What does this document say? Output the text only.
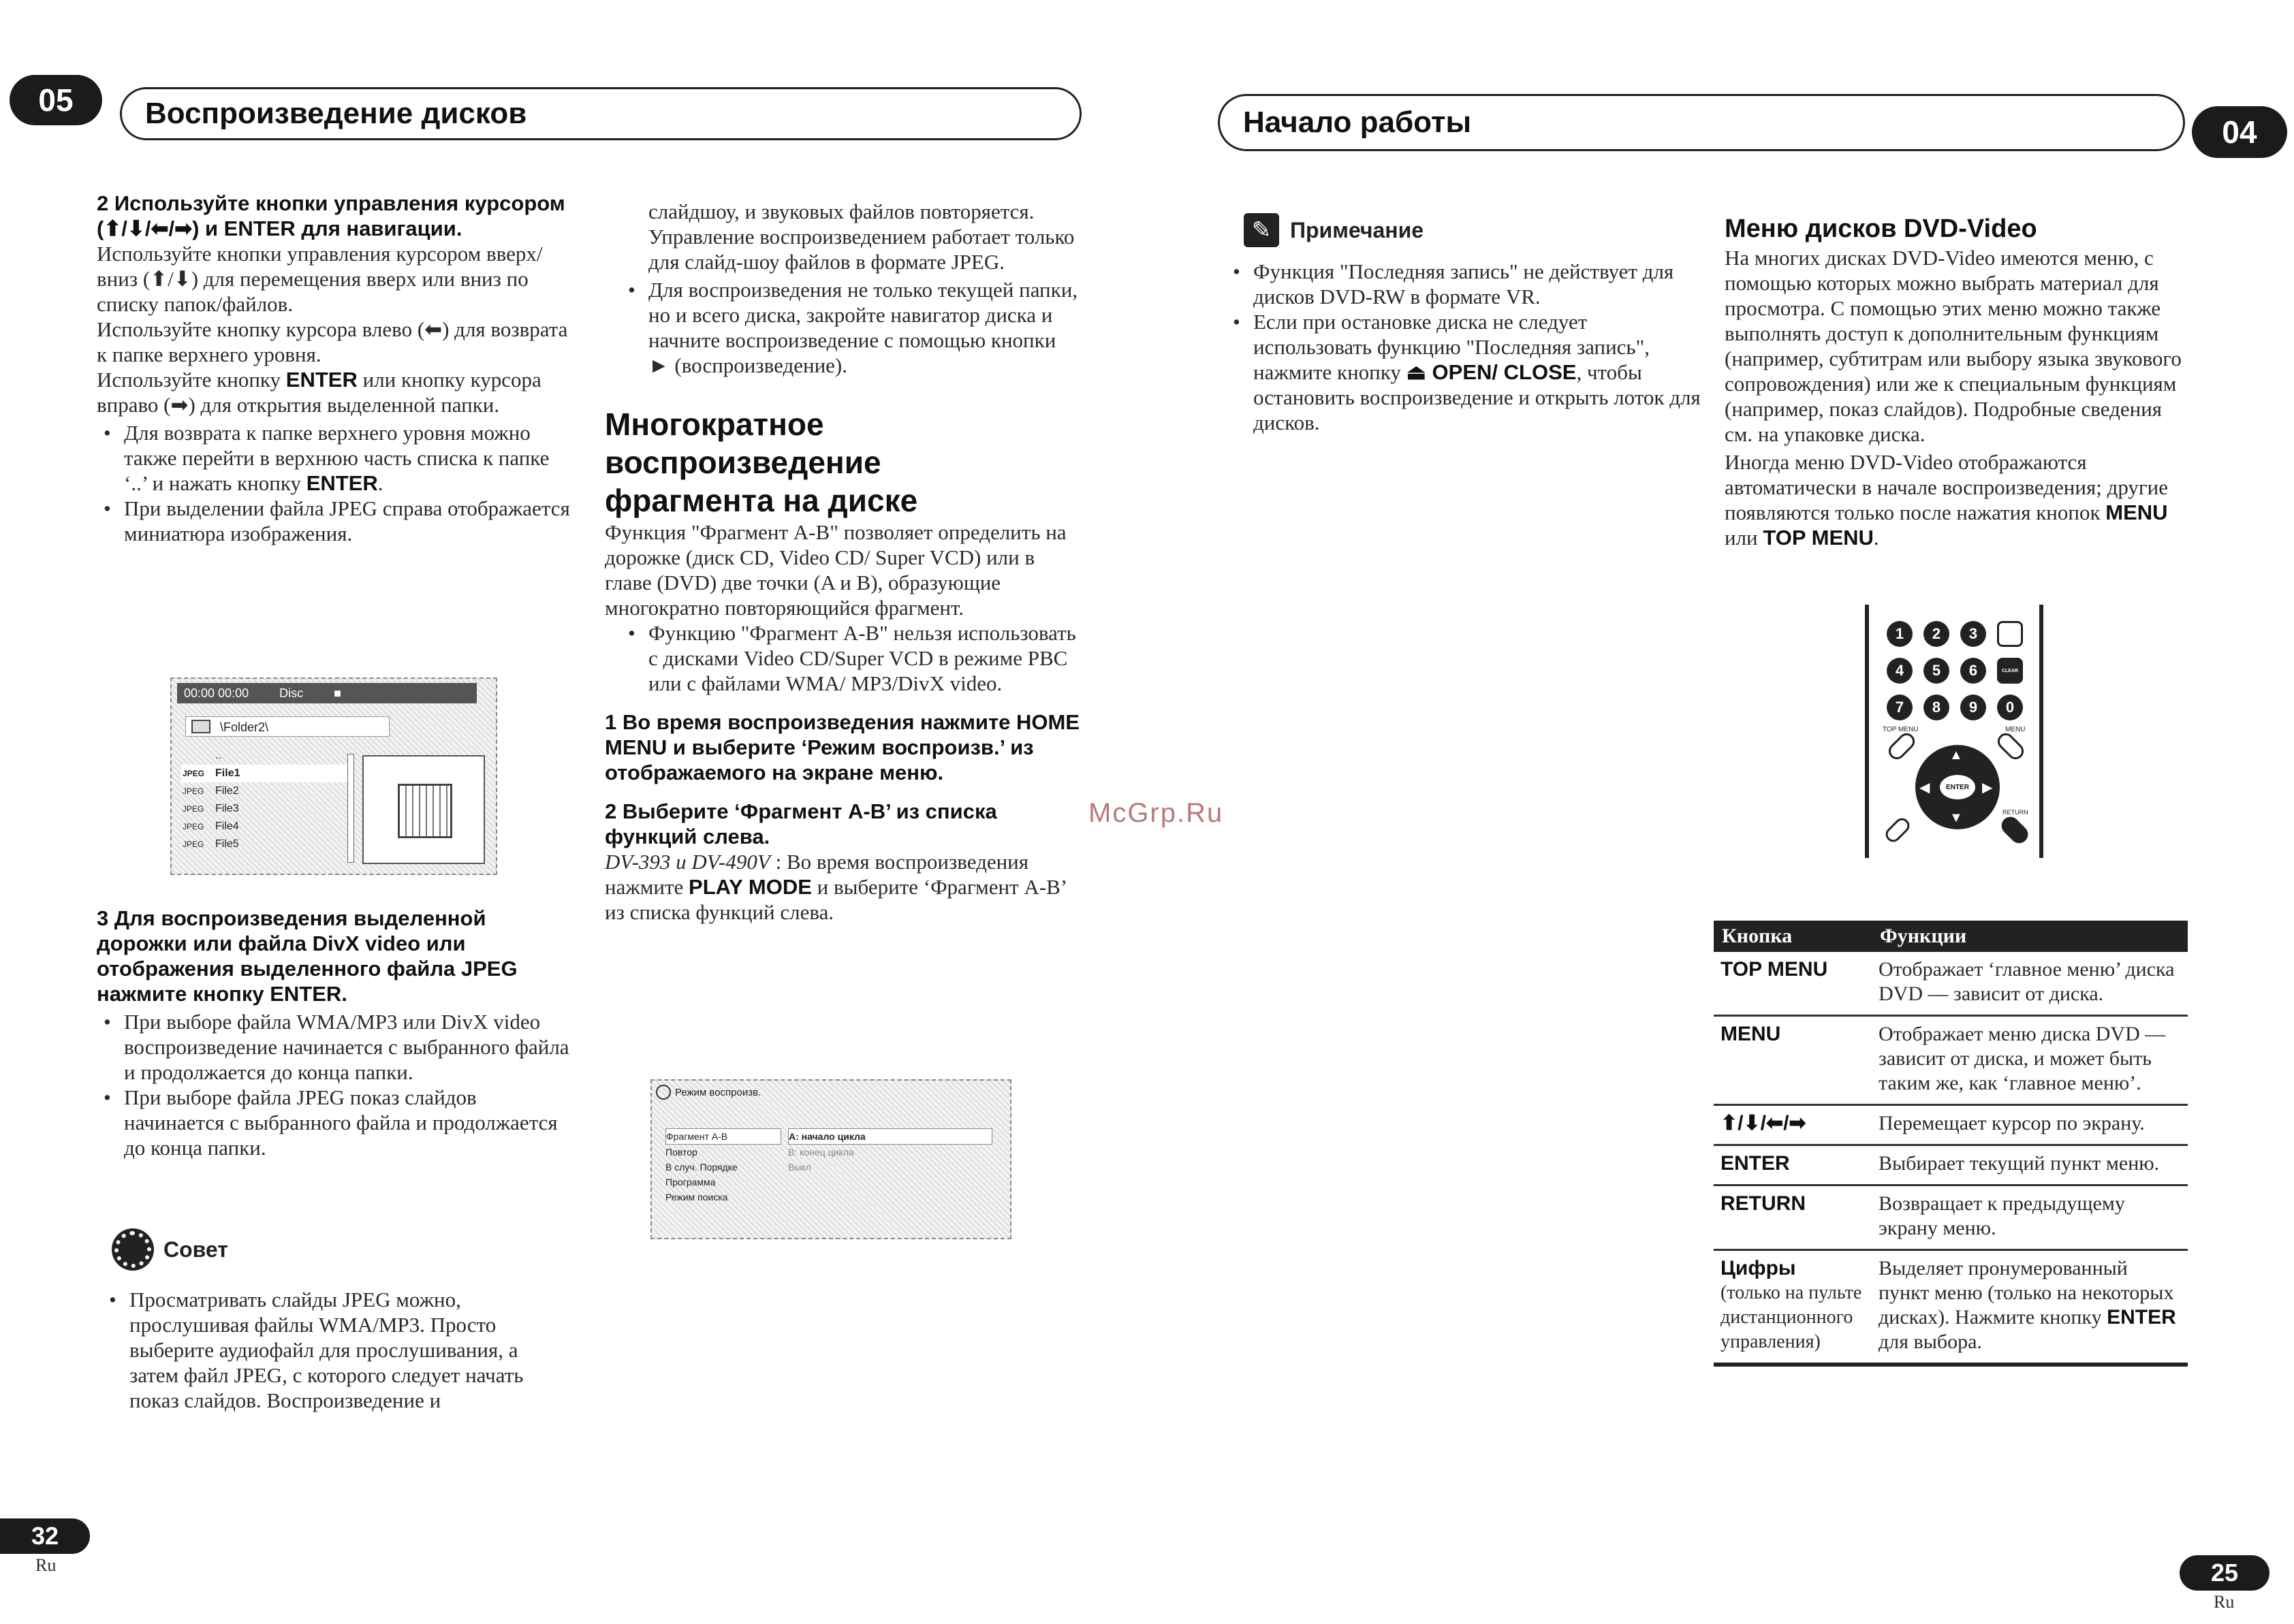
05 Воспроизведение дисков
2 Используйте кнопки управления курсором (⬆/⬇/⬅/➡) и ENTER для навигации.

Используйте кнопки управления курсором вверх/вниз (⬆/⬇) для перемещения вверх или вниз по списку папок/файлов.

Используйте кнопку курсора влево (⬅) для возврата к папке верхнего уровня.

Используйте кнопку ENTER или кнопку курсора вправо (➡) для открытия выделенной папки.

• Для возврата к папке верхнего уровня можно также перейти в верхнюю часть списка к папке ‘..’ и нажать кнопку ENTER.

• При выделении файла JPEG справа отображается миниатюра изображения.

00:00 00:00	Disc	■
\Folder2\
..
JPEG File1
JPEG File2
JPEG File3
JPEG File4
JPEG File5
3 Для воспроизведения выделенной дорожки или файла DivX video или отображения выделенного файла JPEG нажмите кнопку ENTER.

• При выборе файла WMA/MP3 или DivX video воспроизведение начинается с выбранного файла и продолжается до конца папки.

• При выборе файла JPEG показ слайдов начинается с выбранного файла и продолжается до конца папки.

Совет

• Просматривать слайды JPEG можно, прослушивая файлы WMA/MP3. Просто выберите аудиофайл для прослушивания, а затем файл JPEG, с которого следует начать показ слайдов. Воспроизведение и

слайдшоу, и звуковых файлов повторяется. Управление воспроизведением работает только для слайд-шоу файлов в формате JPEG.

• Для воспроизведения не только текущей папки, но и всего диска, закройте навигатор диска и начните воспроизведение с помощью кнопки ► (воспроизведение).

Многократное воспроизведение фрагмента на диске

Функция "Фрагмент A-B" позволяет определить на дорожке (диск CD, Video CD/ Super VCD) или в главе (DVD) две точки (A и B), образующие многократно повторяющийся фрагмент.

• Функцию "Фрагмент A-B" нельзя использовать с дисками Video CD/Super VCD в режиме PBC или с файлами WMA/ MP3/DivX video.

1 Во время воспроизведения нажмите HOME MENU и выберите ‘Режим воспроизв.’ из отображаемого на экране меню.
2 Выберите ‘Фрагмент A-B’ из списка функций слева.

DV-393 и DV-490V : Во время воспроизведения нажмите PLAY MODE и выберите ‘Фрагмент A-B’ из списка функций слева.

Режим воспроизв.
Фрагмент A-B
Повтор
В случ. Порядке
Программа
Режим поиска
A: начало цикла
B: конец цикла
Выкл
McGrp.Ru
32
Ru
Начало работы	04
✎ Примечание

• Функция "Последняя запись" не действует для дисков DVD-RW в формате VR.

• Если при остановке диска не следует использовать функцию "Последняя запись", нажмите кнопку ⏏ OPEN/ CLOSE, чтобы остановить воспроизведение и открыть лоток для дисков.

Меню дисков DVD-Video

На многих дисках DVD-Video имеются меню, с помощью которых можно выбрать материал для просмотра. С помощью этих меню можно также выполнять доступ к дополнительным функциям (например, субтитрам или выбору языка звукового сопровождения) или же к специальным функциям (например, показ слайдов). Подробные сведения см. на упаковке диска.

Иногда меню DVD-Video отображаются автоматически в начале воспроизведения; другие появляются только после нажатия кнопок MENU или TOP MENU.

1	2	3
4	5	6	CLEAR
7	8	9	0
TOP MENU	MENU
▲
▼
◀	▶
ENTER
RETURN
Кнопка	Функции
TOP MENU	Отображает ‘главное меню’ диска DVD — зависит от диска.
MENU	Отображает меню диска DVD — зависит от диска, и может быть таким же, как ‘главное меню’.
⬆/⬇/⬅/➡	Перемещает курсор по экрану.
ENTER	Выбирает текущий пункт меню.
RETURN	Возвращает к предыдущему экрану меню.

Цифры
(только на пульте дистанционного управления)	Выделяет пронумерованный пункт меню (только на некоторых дисках). Нажмите кнопку ENTER для выбора.
25
Ru
